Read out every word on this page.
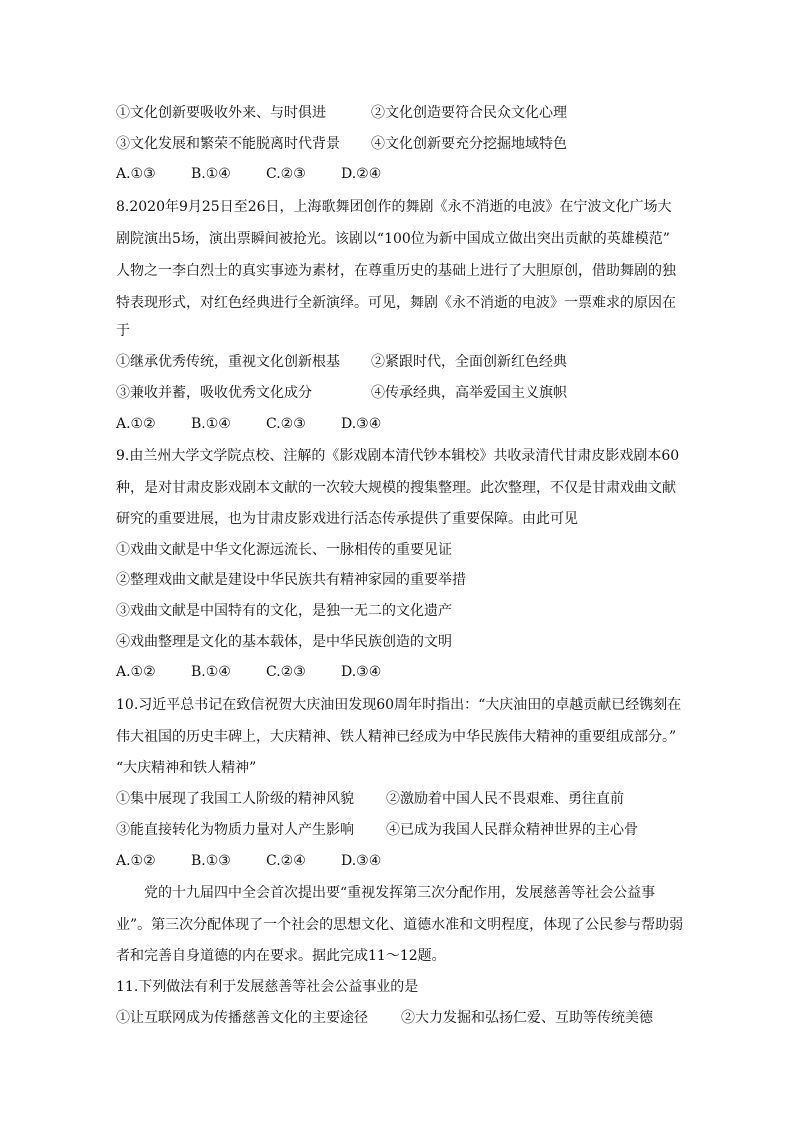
①文化创新要吸收外来、与时俱进	②文化创造要符合民众文化心理
③文化发展和繁荣不能脱离时代背景 ④文化创新要充分挖掘地域特色
A.①③	B.①④	C.②③	D.②④
8.2020年9月25日至26日，上海歌舞团创作的舞剧《永不消逝的电波》在宁波文化广场大
剧院演出5场，演出票瞬间被抢光。该剧以“100位为新中国成立做出突出贡献的英雄模范”
人物之一李白烈士的真实事迹为素材，在尊重历史的基础上进行了大胆原创，借助舞剧的独
特表现形式，对红色经典进行全新演绎。可见，舞剧《永不消逝的电波》一票难求的原因在
于
①继承优秀传统，重视文化创新根基 ②紧跟时代，全面创新红色经典
③兼收并蓄，吸收优秀文化成分	④传承经典，高举爱国主义旗帜
A.①②	B.①④	C.②③	D.③④
9.由兰州大学文学院点校、注解的《影戏剧本清代钞本辑校》共收录清代甘肃皮影戏剧本60
种，是对甘肃皮影戏剧本文献的一次较大规模的搜集整理。此次整理，不仅是甘肃戏曲文献
研究的重要进展，也为甘肃皮影戏进行活态传承提供了重要保障。由此可见
①戏曲文献是中华文化源远流长、一脉相传的重要见证
②整理戏曲文献是建设中华民族共有精神家园的重要举措
③戏曲文献是中国特有的文化，是独一无二的文化遗产
④戏曲整理是文化的基本载体，是中华民族创造的文明
A.①②	B.①④	C.②③	D.③④
10.习近平总书记在致信祝贺大庆油田发现60周年时指出：“大庆油田的卓越贡献已经镌刻在
伟大祖国的历史丰碑上，大庆精神、铁人精神已经成为中华民族伟大精神的重要组成部分。”
“大庆精神和铁人精神”
①集中展现了我国工人阶级的精神风貌 ②激励着中国人民不畏艰难、勇往直前
③能直接转化为物质力量对人产生影响 ④已成为我国人民群众精神世界的主心骨
A.①②	B.①③	C.②④	D.③④
党的十九届四中全会首次提出要“重视发挥第三次分配作用，发展慈善等社会公益事
业”。第三次分配体现了一个社会的思想文化、道德水准和文明程度，体现了公民参与帮助弱
者和完善自身道德的内在要求。据此完成11～12题。
11.下列做法有利于发展慈善等社会公益事业的是
①让互联网成为传播慈善文化的主要途径 ②大力发掘和弘扬仁爱、互助等传统美德
